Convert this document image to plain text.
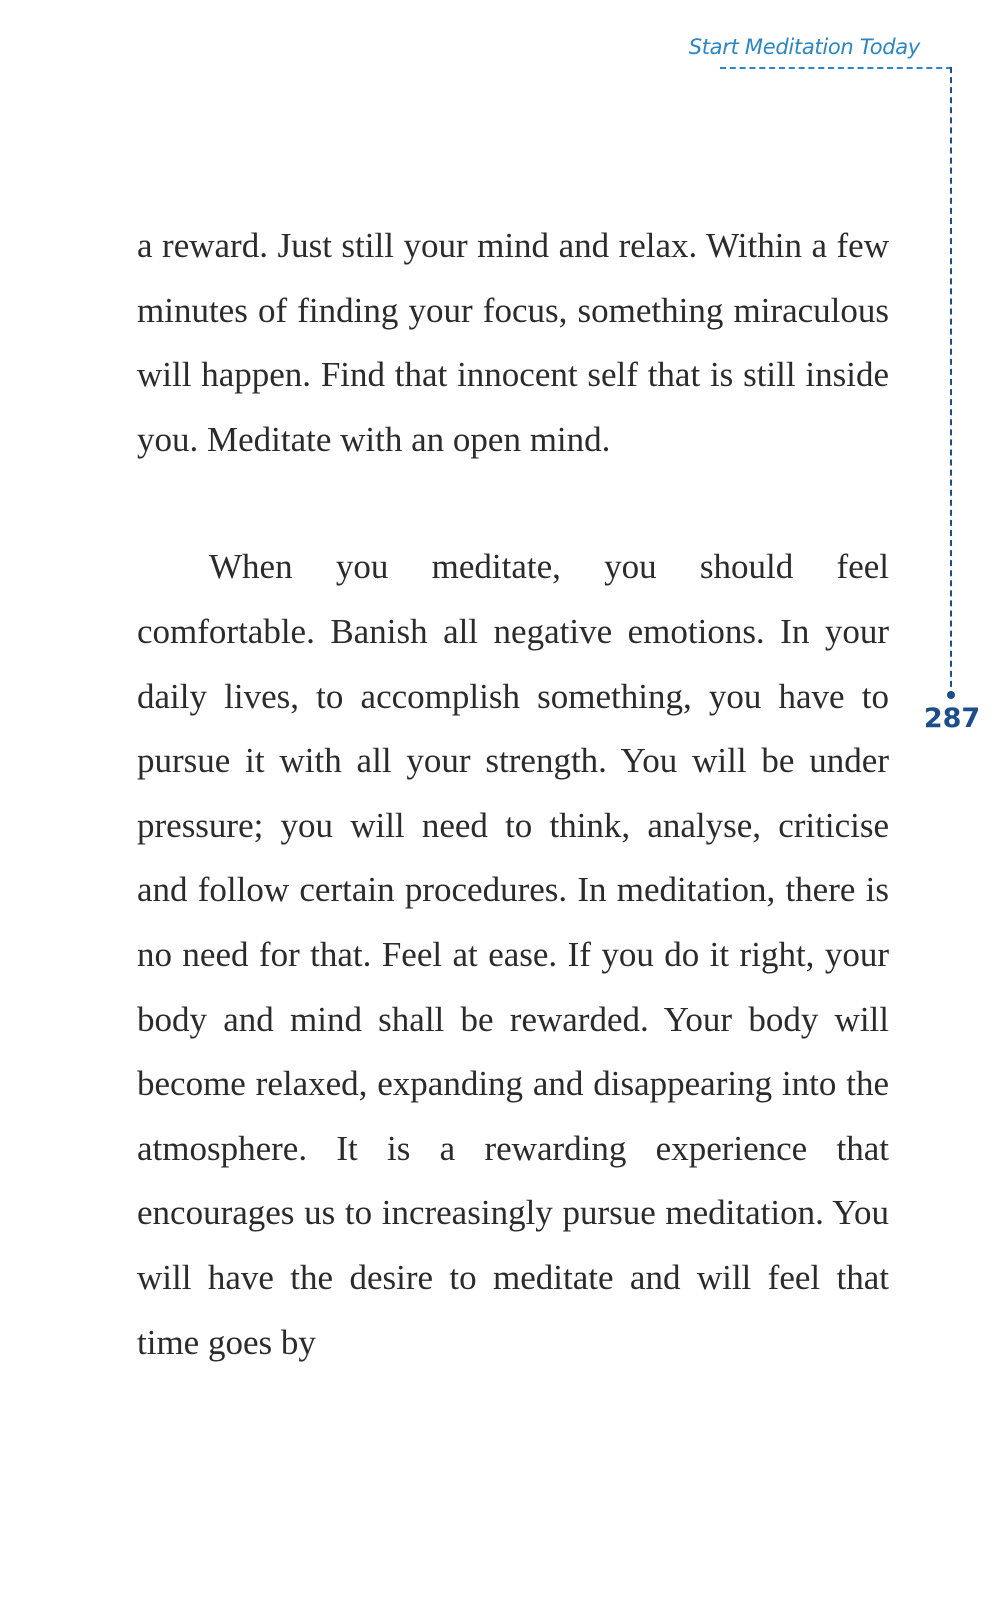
Start Meditation Today
287

a reward. Just still your mind and relax. Within a few minutes of finding your focus, something miraculous will happen. Find that innocent self that is still inside you. Meditate with an open mind.

When you meditate, you should feel comfortable. Banish all negative emotions. In your daily lives, to accomplish something, you have to pursue it with all your strength. You will be under pressure; you will need to think, analyse, criticise and follow certain procedures. In meditation, there is no need for that. Feel at ease. If you do it right, your body and mind shall be rewarded. Your body will become relaxed, expanding and disappearing into the atmosphere. It is a rewarding experience that encourages us to increasingly pursue meditation. You will have the desire to meditate and will feel that time goes by
